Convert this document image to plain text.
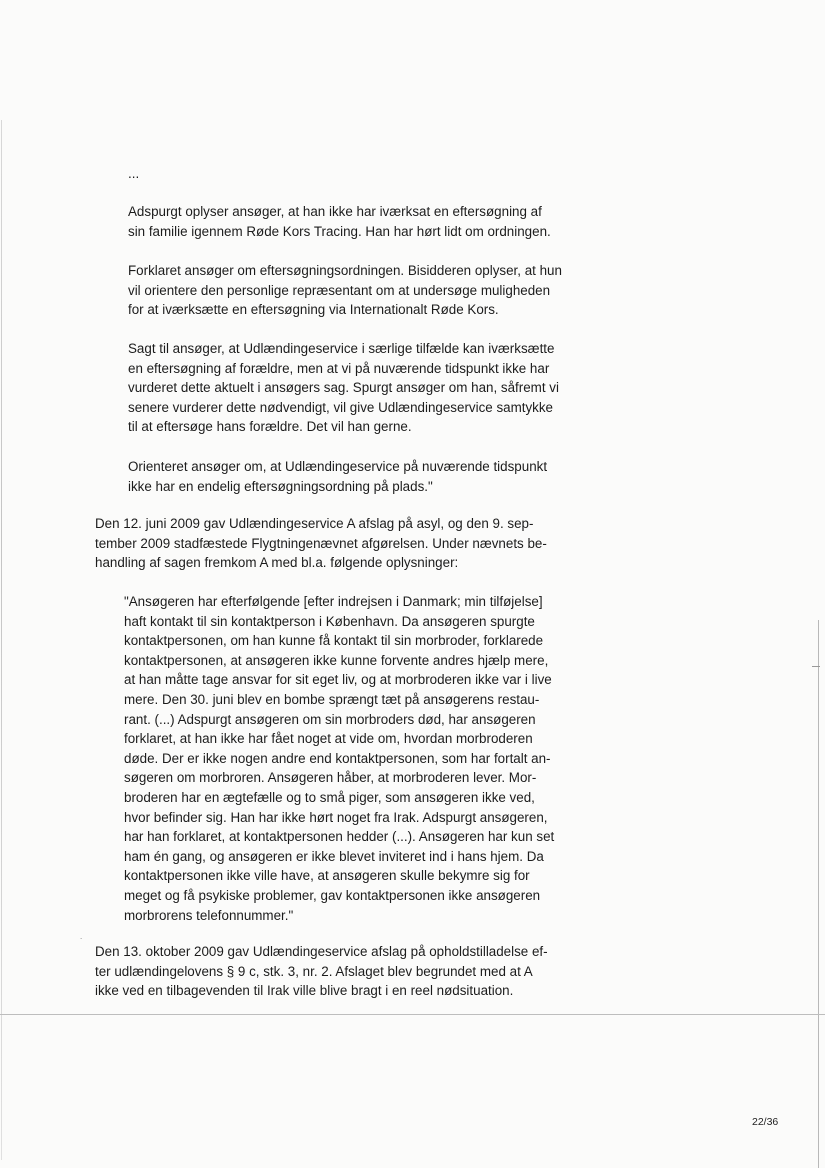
.
...
Adspurgt oplyser ansøger, at han ikke har iværksat en eftersøgning af
sin familie igennem Røde Kors Tracing. Han har hørt lidt om ordningen.
Forklaret ansøger om eftersøgningsordningen. Bisidderen oplyser, at hun
vil orientere den personlige repræsentant om at undersøge muligheden
for at iværksætte en eftersøgning via Internationalt Røde Kors.
Sagt til ansøger, at Udlændingeservice i særlige tilfælde kan iværksætte
en eftersøgning af forældre, men at vi på nuværende tidspunkt ikke har
vurderet dette aktuelt i ansøgers sag. Spurgt ansøger om han, såfremt vi
senere vurderer dette nødvendigt, vil give Udlændingeservice samtykke
til at eftersøge hans forældre. Det vil han gerne.
Orienteret ansøger om, at Udlændingeservice på nuværende tidspunkt
ikke har en endelig eftersøgningsordning på plads."
Den 12. juni 2009 gav Udlændingeservice A afslag på asyl, og den 9. sep-
tember 2009 stadfæstede Flygtningenævnet afgørelsen. Under nævnets be-
handling af sagen fremkom A med bl.a. følgende oplysninger:
"Ansøgeren har efterfølgende [efter indrejsen i Danmark; min tilføjelse]
haft kontakt til sin kontaktperson i København. Da ansøgeren spurgte
kontaktpersonen, om han kunne få kontakt til sin morbroder, forklarede
kontaktpersonen, at ansøgeren ikke kunne forvente andres hjælp mere,
at han måtte tage ansvar for sit eget liv, og at morbroderen ikke var i live
mere. Den 30. juni blev en bombe sprængt tæt på ansøgerens restau-
rant. (...) Adspurgt ansøgeren om sin morbroders død, har ansøgeren
forklaret, at han ikke har fået noget at vide om, hvordan morbroderen
døde. Der er ikke nogen andre end kontaktpersonen, som har fortalt an-
søgeren om morbroren. Ansøgeren håber, at morbroderen lever. Mor-
broderen har en ægtefælle og to små piger, som ansøgeren ikke ved,
hvor befinder sig. Han har ikke hørt noget fra Irak. Adspurgt ansøgeren,
har han forklaret, at kontaktpersonen hedder (...). Ansøgeren har kun set
ham én gang, og ansøgeren er ikke blevet inviteret ind i hans hjem. Da
kontaktpersonen ikke ville have, at ansøgeren skulle bekymre sig for
meget og få psykiske problemer, gav kontaktpersonen ikke ansøgeren
morbrorens telefonnummer."
Den 13. oktober 2009 gav Udlændingeservice afslag på opholdstilladelse ef-
ter udlændingelovens § 9 c, stk. 3, nr. 2. Afslaget blev begrundet med at A
ikke ved en tilbagevenden til Irak ville blive bragt i en reel nødsituation.
22/36
